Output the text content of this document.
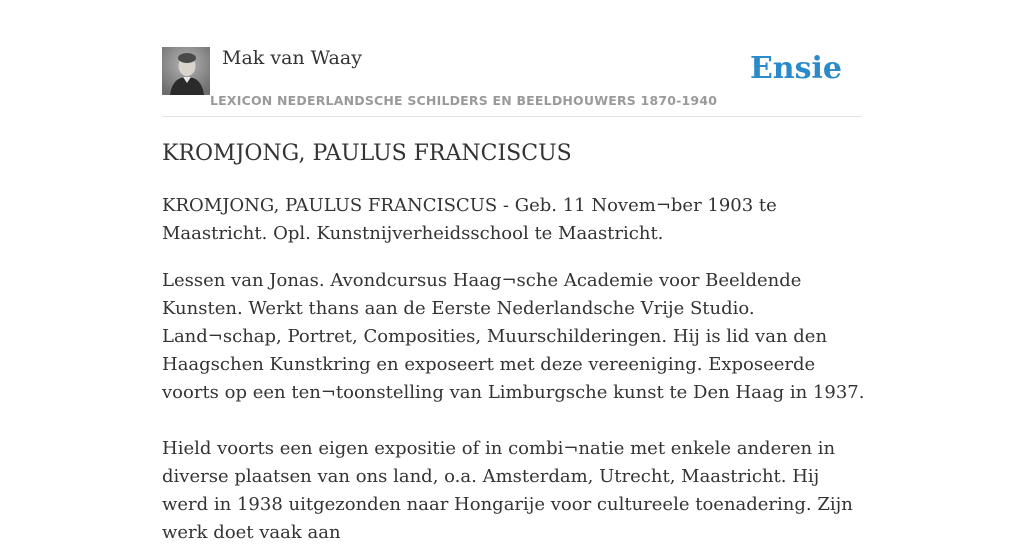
Mak van Waay
LEXICON NEDERLANDSCHE SCHILDERS EN BEELDHOUWERS 1870-1940
Ensie
KROMJONG, PAULUS FRANCISCUS

KROMJONG, PAULUS FRANCISCUS - Geb. 11 Novem¬ber 1903 te Maastricht. Opl. Kunstnijverheidsschool te Maastricht.

Lessen van Jonas. Avondcursus Haag¬sche Academie voor Beeldende Kunsten. Werkt thans aan de Eerste Nederlandsche Vrije Studio. Land¬schap, Portret, Composities, Muurschilderingen. Hij is lid van den Haagschen Kunstkring en exposeert met deze vereeniging. Exposeerde voorts op een ten¬toonstelling van Limburgsche kunst te Den Haag in 1937.

Hield voorts een eigen expositie of in combi¬natie met enkele anderen in diverse plaatsen van ons land, o.a. Amsterdam, Utrecht, Maastricht. Hij werd in 1938 uitgezonden naar Hongarije voor cultureele toenadering. Zijn werk doet vaak aan
